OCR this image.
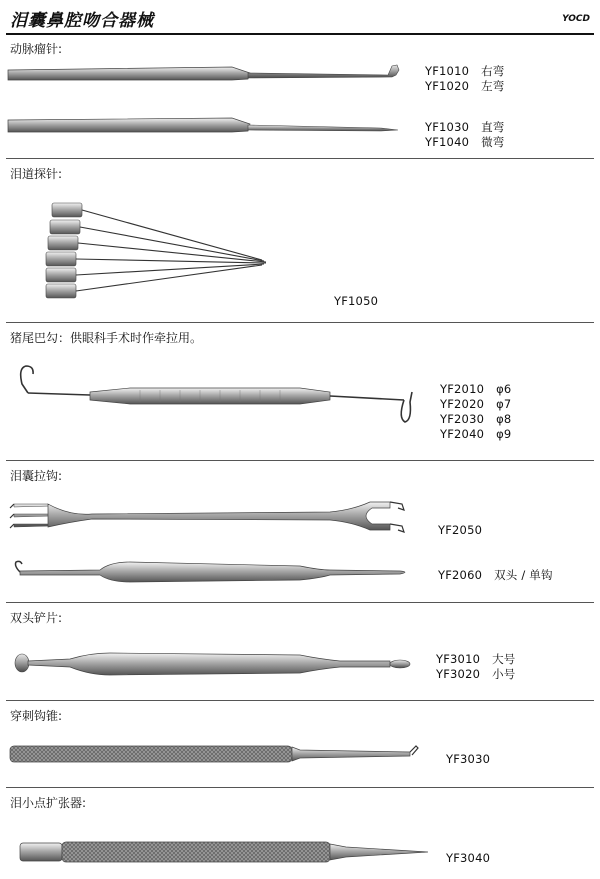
泪囊鼻腔吻合器械	YOCD
动脉瘤针:
YF1010 右弯
YF1020 左弯
YF1030 直弯
YF1040 微弯
泪道探针:
YF1050
猪尾巴勾：供眼科手术时作牵拉用。
YF2010 φ6
YF2020 φ7
YF2030 φ8
YF2040 φ9
泪囊拉钩:
YF2050
YF2060 双头 / 单钩
双头铲片:
YF3010 大号
YF3020 小号
穿刺钩锥:
YF3030
泪小点扩张器:
YF3040
